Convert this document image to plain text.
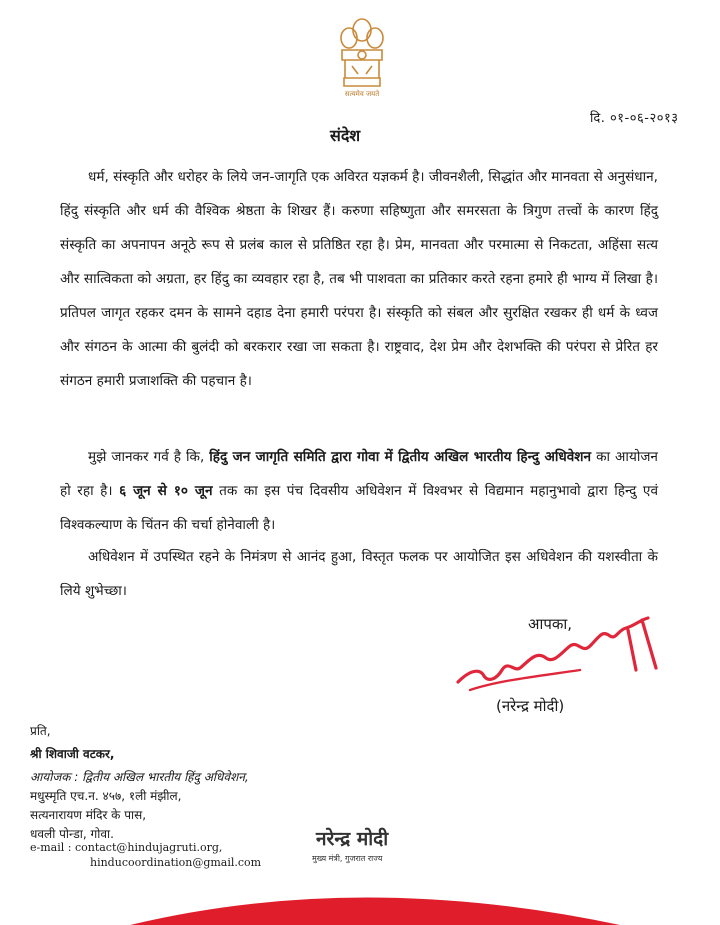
सत्यमेव जयते
दि. ०१-०६-२०१३
संदेश
धर्म, संस्कृति और धरोहर के लिये जन-जागृति एक अविरत यज्ञकर्म है। जीवनशैली, सिद्धांत और मानवता से अनुसंधान, हिंदु संस्कृति और धर्म की वैश्विक श्रेष्ठता के शिखर हैं। करुणा सहिष्णुता और समरसता के त्रिगुण तत्त्वों के कारण हिंदु संस्कृति का अपनापन अनूठे रूप से प्रलंब काल से प्रतिष्ठित रहा है। प्रेम, मानवता और परमात्मा से निकटता, अहिंसा सत्य और सात्विकता को अग्रता, हर हिंदु का व्यवहार रहा है, तब भी पाशवता का प्रतिकार करते रहना हमारे ही भाग्य में लिखा है। प्रतिपल जागृत रहकर दमन के सामने दहाड देना हमारी परंपरा है। संस्कृति को संबल और सुरक्षित रखकर ही धर्म के ध्वज और संगठन के आत्मा की बुलंदी को बरकरार रखा जा सकता है। राष्ट्रवाद, देश प्रेम और देशभक्ति की परंपरा से प्रेरित हर संगठन हमारी प्रजाशक्ति की पहचान है।
मुझे जानकर गर्व है कि, हिंदु जन जागृति समिति द्वारा गोवा में द्वितीय अखिल भारतीय हिन्दु अधिवेशन का आयोजन हो रहा है। ६ जून से १० जून तक का इस पंच दिवसीय अधिवेशन में विश्वभर से विद्यमान महानुभावो द्वारा हिन्दु एवं विश्वकल्याण के चिंतन की चर्चा होनेवाली है।
अधिवेशन में उपस्थित रहने के निमंत्रण से आनंद हुआ, विस्तृत फलक पर आयोजित इस अधिवेशन की यशस्वीता के लिये शुभेच्छा।
आपका,
(नरेन्द्र मोदी)
प्रति,
श्री शिवाजी वटकर,
आयोजक : द्वितीय अखिल भारतीय हिंदु अधिवेशन,
मधुस्मृति एच.न. ४५७, १ली मंझील,
सत्यनारायण मंदिर के पास,
धवली पोन्डा, गोवा.
e-mail : contact@hindujagruti.org,
hinducoordination@gmail.com
नरेन्द्र मोदी
मुख्य मंत्री, गुजरात राज्य
